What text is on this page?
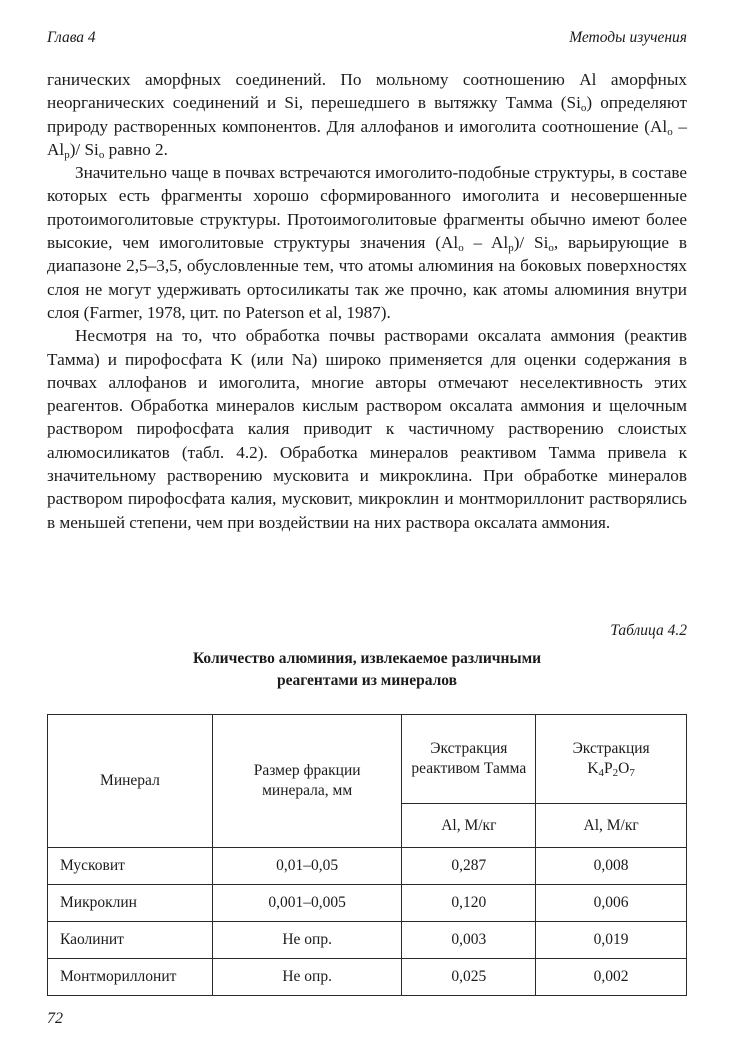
Глава 4	Методы изучения

ганических аморфных соединений. По мольному соотношению Al аморфных неорганических соединений и Si, перешедшего в вытяжку Тамма $(Si_o)$ определяют природу растворенных компонентов. Для аллофанов и имоголита соотношение $(Al_o - Al_p)/$ $Si_o$ равно 2.

Значительно чаще в почвах встречаются имоголито-подобные структуры, в составе которых есть фрагменты хорошо сформированного имоголита и несовершенные протоимоголитовые структуры. Протоимоголитовые фрагменты обычно имеют более высокие, чем имоголитовые структуры значения $(Al_o - Al_p)/$ $Si_o$, варьирующие в диапазоне 2,5–3,5, обусловленные тем, что атомы алюминия на боковых поверхностях слоя не могут удерживать ортосиликаты так же прочно, как атомы алюминия внутри слоя (Farmer, 1978, цит. по Paterson et al, 1987).

Несмотря на то, что обработка почвы растворами оксалата аммония (реактив Тамма) и пирофосфата K (или Na) широко применяется для оценки содержания в почвах аллофанов и имоголита, многие авторы отмечают неселективность этих реагентов. Обработка минералов кислым раствором оксалата аммония и щелочным раствором пирофосфата калия приводит к частичному растворению слоистых алюмосиликатов (табл. 4.2). Обработка минералов реактивом Тамма привела к значительному растворению мусковита и микроклина. При обработке минералов раствором пирофосфата калия, мусковит, микроклин и монтмориллонит растворялись в меньшей степени, чем при воздействии на них раствора оксалата аммония.

Таблица 4.2
Количество алюминия, извлекаемое различными
реагентами из минералов
Минерал	Размер фракции минерала, мм	Экстракция реактивом Тамма	Экстракция
$K_4P_2O_7$
		Al, М/кг	Al, М/кг
Мусковит	0,01–0,05	0,287	0,008
Микроклин	0,001–0,005	0,120	0,006
Каолинит	Не опр.	0,003	0,019
Монтмориллонит	Не опр.	0,025	0,002
72
